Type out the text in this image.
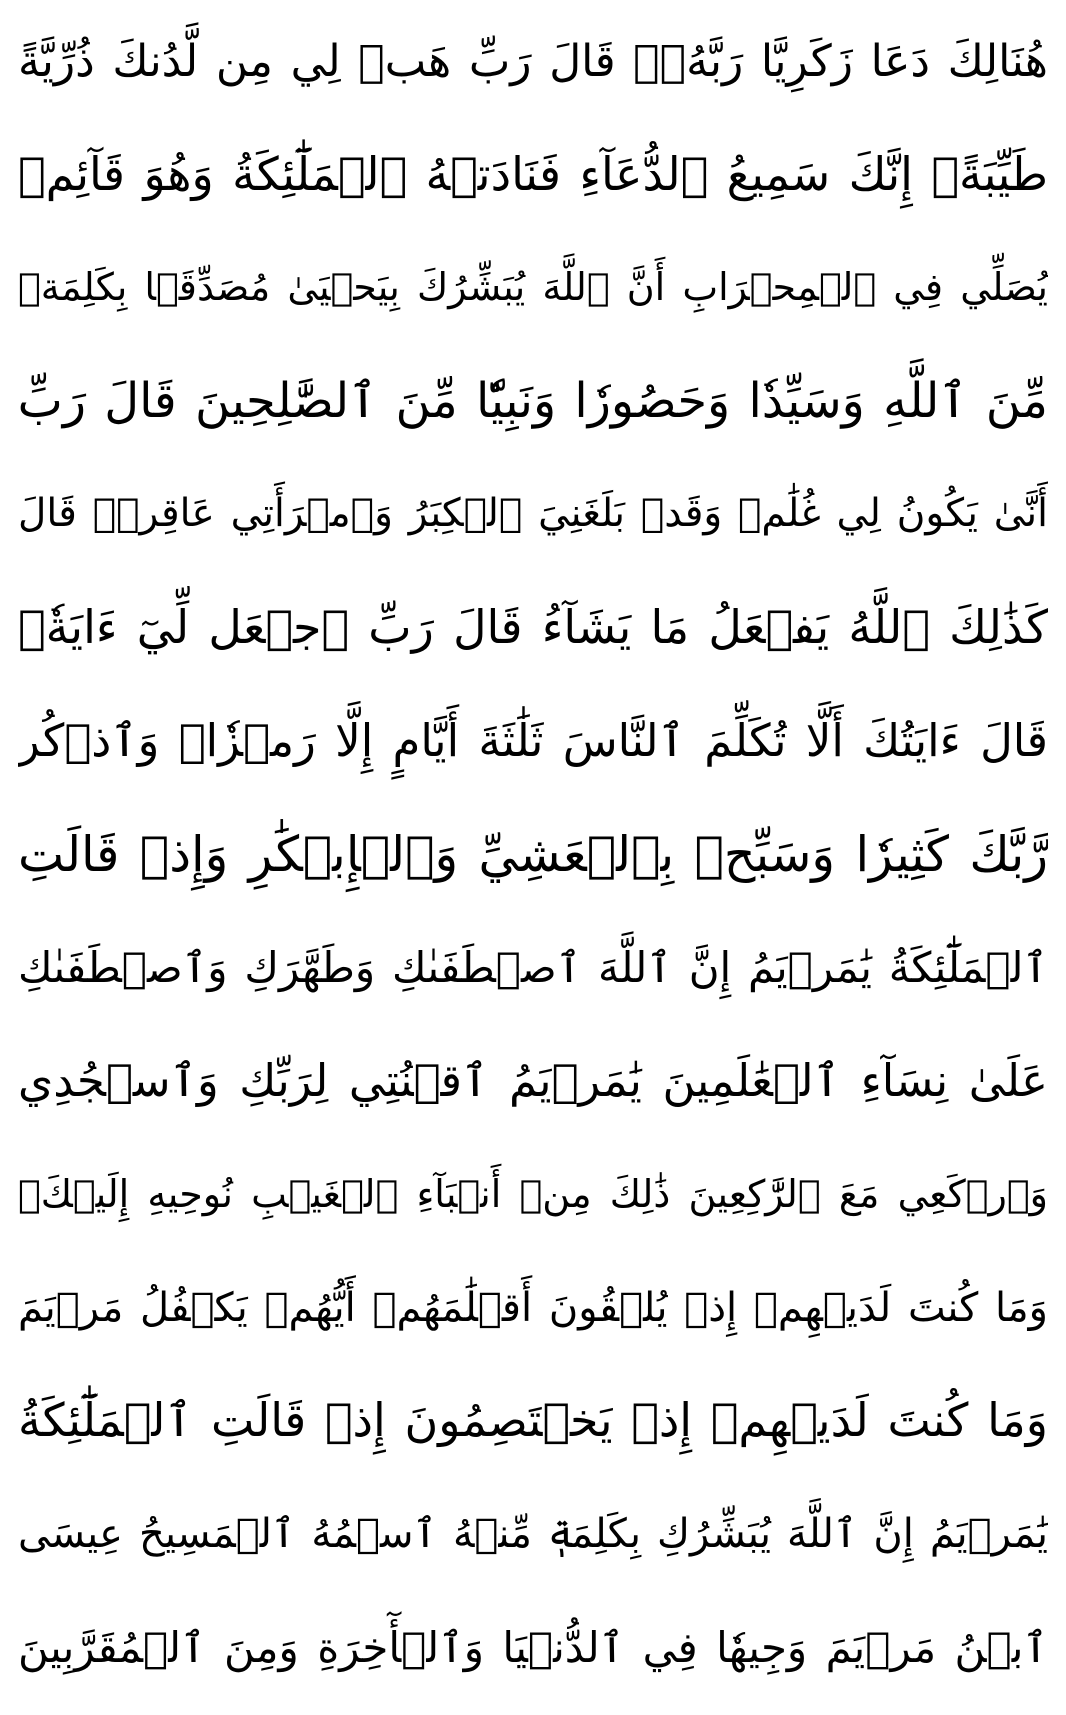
هُنَالِكَ دَعَا زَكَرِيَّا رَبَّهُۥۖ قَالَ رَبِّ هَبۡ لِي مِن لَّدُنكَ ذُرِّيَّةً
طَيِّبَةًۖ إِنَّكَ سَمِيعُ ٱلدُّعَآءِ فَنَادَتۡهُ ٱلۡمَلَٰٓئِكَةُ وَهُوَ قَآئِمٞ
يُصَلِّي فِي ٱلۡمِحۡرَابِ أَنَّ ٱللَّهَ يُبَشِّرُكَ بِيَحۡيَىٰ مُصَدِّقَۢا بِكَلِمَةٖ
مِّنَ ٱللَّهِ وَسَيِّدٗا وَحَصُورٗا وَنَبِيّٗا مِّنَ ٱلصَّٰلِحِينَ قَالَ رَبِّ
أَنَّىٰ يَكُونُ لِي غُلَٰمٞ وَقَدۡ بَلَغَنِيَ ٱلۡكِبَرُ وَٱمۡرَأَتِي عَاقِرٞۖ قَالَ
كَذَٰلِكَ ٱللَّهُ يَفۡعَلُ مَا يَشَآءُ قَالَ رَبِّ ٱجۡعَل لِّيٓ ءَايَةٗۖ
قَالَ ءَايَتُكَ أَلَّا تُكَلِّمَ ٱلنَّاسَ ثَلَٰثَةَ أَيَّامٍ إِلَّا رَمۡزٗاۗ وَٱذۡكُر
رَّبَّكَ كَثِيرٗا وَسَبِّحۡ بِٱلۡعَشِيِّ وَٱلۡإِبۡكَٰرِ وَإِذۡ قَالَتِ
ٱلۡمَلَٰٓئِكَةُ يَٰمَرۡيَمُ إِنَّ ٱللَّهَ ٱصۡطَفَىٰكِ وَطَهَّرَكِ وَٱصۡطَفَىٰكِ
عَلَىٰ نِسَآءِ ٱلۡعَٰلَمِينَ يَٰمَرۡيَمُ ٱقۡنُتِي لِرَبِّكِ وَٱسۡجُدِي
وَٱرۡكَعِي مَعَ ٱلرَّٰكِعِينَ ذَٰلِكَ مِنۡ أَنۢبَآءِ ٱلۡغَيۡبِ نُوحِيهِ إِلَيۡكَۚ
وَمَا كُنتَ لَدَيۡهِمۡ إِذۡ يُلۡقُونَ أَقۡلَٰمَهُمۡ أَيُّهُمۡ يَكۡفُلُ مَرۡيَمَ
وَمَا كُنتَ لَدَيۡهِمۡ إِذۡ يَخۡتَصِمُونَ إِذۡ قَالَتِ ٱلۡمَلَٰٓئِكَةُ
يَٰمَرۡيَمُ إِنَّ ٱللَّهَ يُبَشِّرُكِ بِكَلِمَةٖ مِّنۡهُ ٱسۡمُهُ ٱلۡمَسِيحُ عِيسَى
ٱبۡنُ مَرۡيَمَ وَجِيهٗا فِي ٱلدُّنۡيَا وَٱلۡأٓخِرَةِ وَمِنَ ٱلۡمُقَرَّبِينَ
